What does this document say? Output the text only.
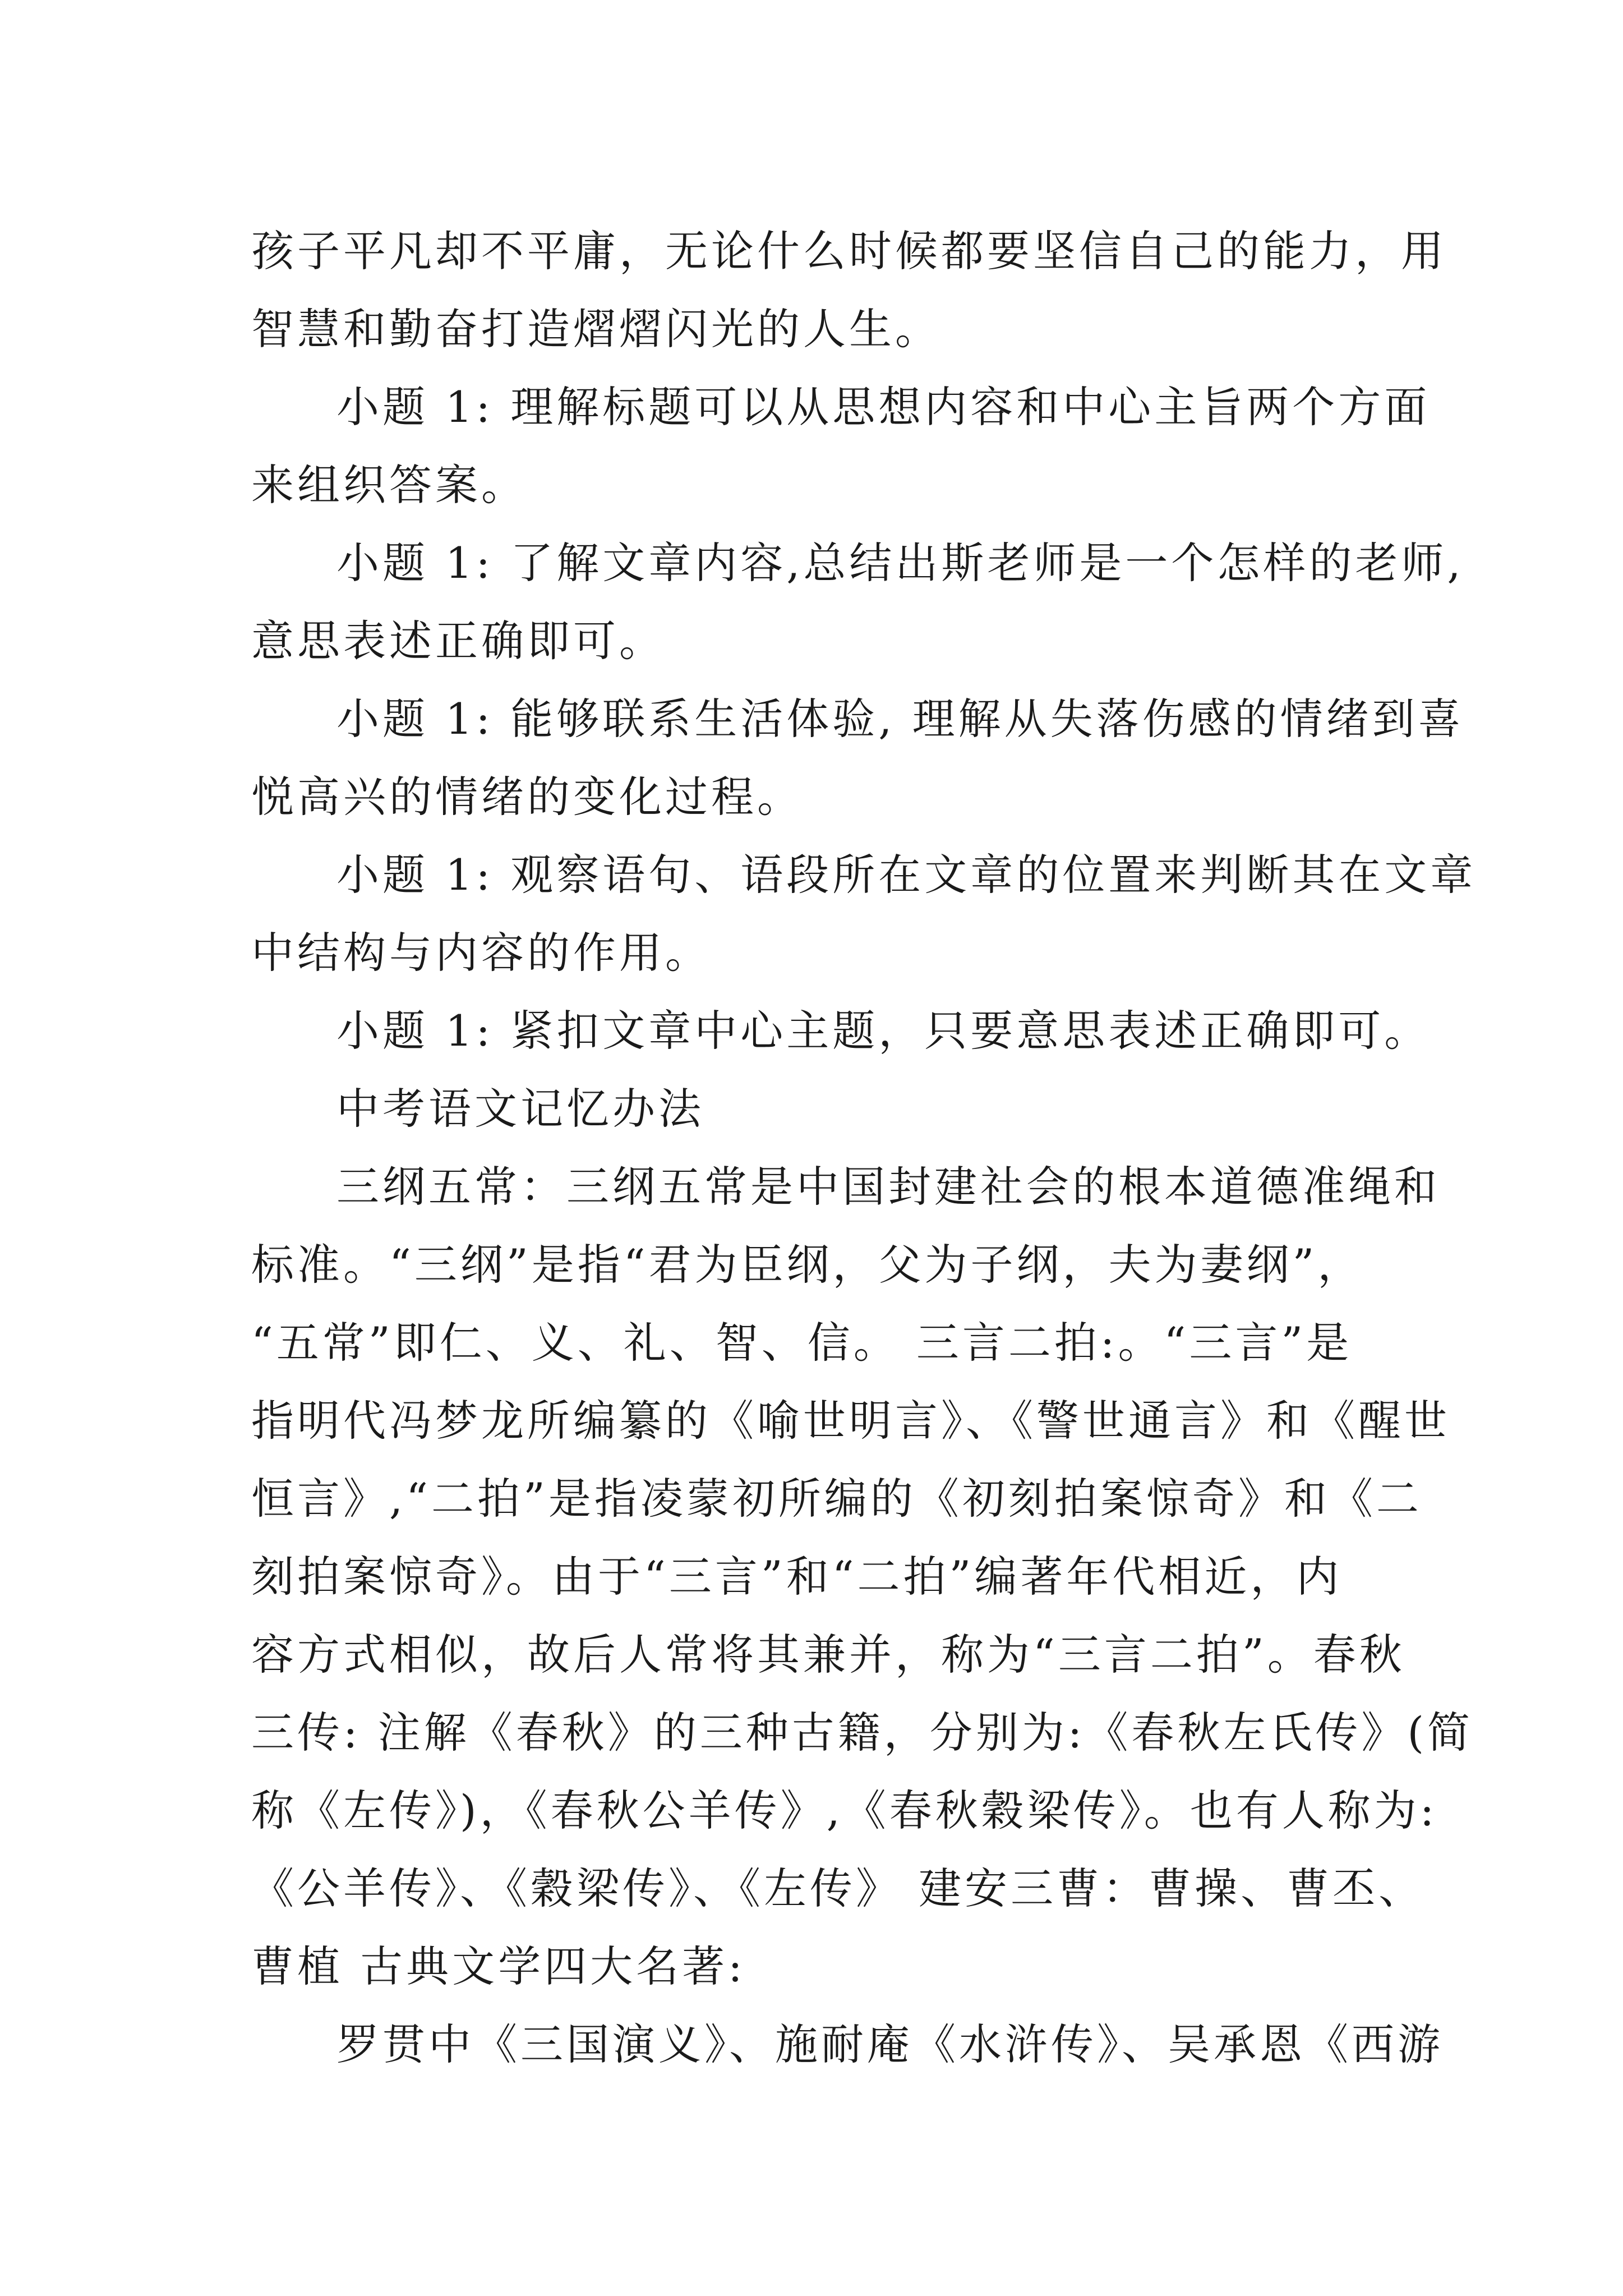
孩子平凡却不平庸，无论什么时候都要坚信自己的能力，用
智慧和勤奋打造熠熠闪光的人生。
小题 1: 理解标题可以从思想内容和中心主旨两个方面
来组织答案。
小题 1: 了解文章内容,总结出斯老师是一个怎样的老师,
意思表述正确即可。
小题 1: 能够联系生活体验, 理解从失落伤感的情绪到喜
悦高兴的情绪的变化过程。
小题 1: 观察语句、语段所在文章的位置来判断其在文章
中结构与内容的作用。
小题 1: 紧扣文章中心主题，只要意思表述正确即可。
中考语文记忆办法
三纲五常：三纲五常是中国封建社会的根本道德准绳和
标准。“三纲”是指“君为臣纲，父为子纲，夫为妻纲”，
“五常”即仁、义、礼、智、信。 三言二拍:。“三言”是
指明代冯梦龙所编纂的《喻世明言》、《警世通言》和《醒世
恒言》,“二拍”是指凌蒙初所编的《初刻拍案惊奇》和《二
刻拍案惊奇》。由于“三言”和“二拍”编著年代相近，内
容方式相似，故后人常将其兼并，称为“三言二拍”。春秋
三传: 注解《春秋》的三种古籍，分别为:《春秋左氏传》(简
称《左传》)，《春秋公羊传》,《春秋穀梁传》。也有人称为:
《公羊传》、《穀梁传》、《左传》 建安三曹：曹操、曹丕、
曹植 古典文学四大名著:
罗贯中《三国演义》、施耐庵《水浒传》、吴承恩《西游
